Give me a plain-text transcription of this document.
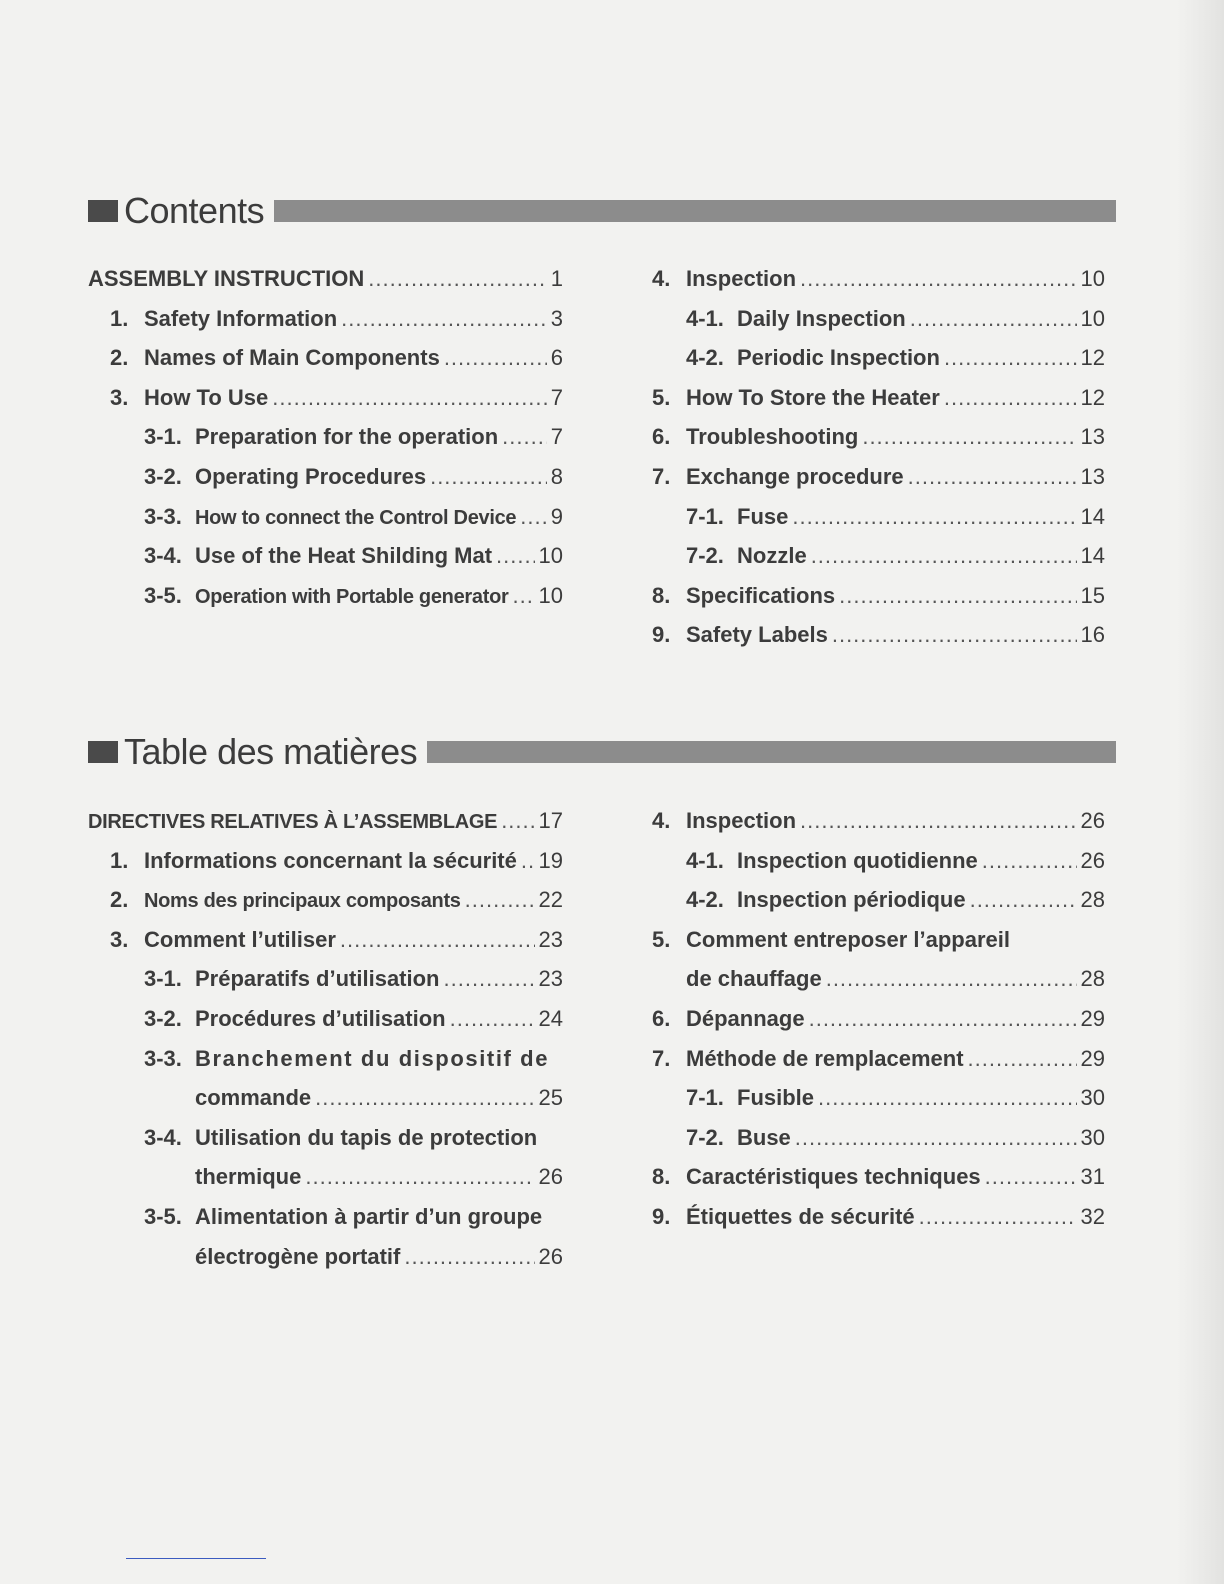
Contents
ASSEMBLY INSTRUCTION .....	1
1. Safety Information .....	3
2. Names of Main Components .....	6
3. How To Use .....	7
3-1. Preparation for the operation ..... 7
3-2. Operating Procedures .....	8
3-3. How to connect the Control Device ..... 9
3-4. Use of the Heat Shilding Mat ..... 10
3-5. Operation with Portable generator ..... 10
4. Inspection .....	10
4-1. Daily Inspection .....	10
4-2. Periodic Inspection .....	12
5. How To Store the Heater .....	12
6. Troubleshooting .....	13
7. Exchange procedure .....	13
7-1. Fuse .....	14
7-2. Nozzle .....	14
8. Specifications .....	15
9. Safety Labels .....	16
Table des matières
DIRECTIVES RELATIVES À L’ASSEMBLAGE ..... 17
1. Informations concernant la sécurité ..... 19
2. Noms des principaux composants .....	22
3. Comment l’utiliser .....	23
3-1. Préparatifs d’utilisation .....	23
3-2. Procédures d’utilisation .....	24
3-3. Branchement du dispositif de
commande .....	25
3-4. Utilisation du tapis de protection
thermique .....	26
3-5. Alimentation à partir d’un groupe
électrogène portatif .....	26
4. Inspection .....	26
4-1. Inspection quotidienne .....	26
4-2. Inspection périodique .....	28
5. Comment entreposer l’appareil
de chauffage .....	28
6. Dépannage .....	29
7. Méthode de remplacement .....	29
7-1. Fusible .....	30
7-2. Buse .....	30
8. Caractéristiques techniques .....	31
9. Étiquettes de sécurité .....	32
